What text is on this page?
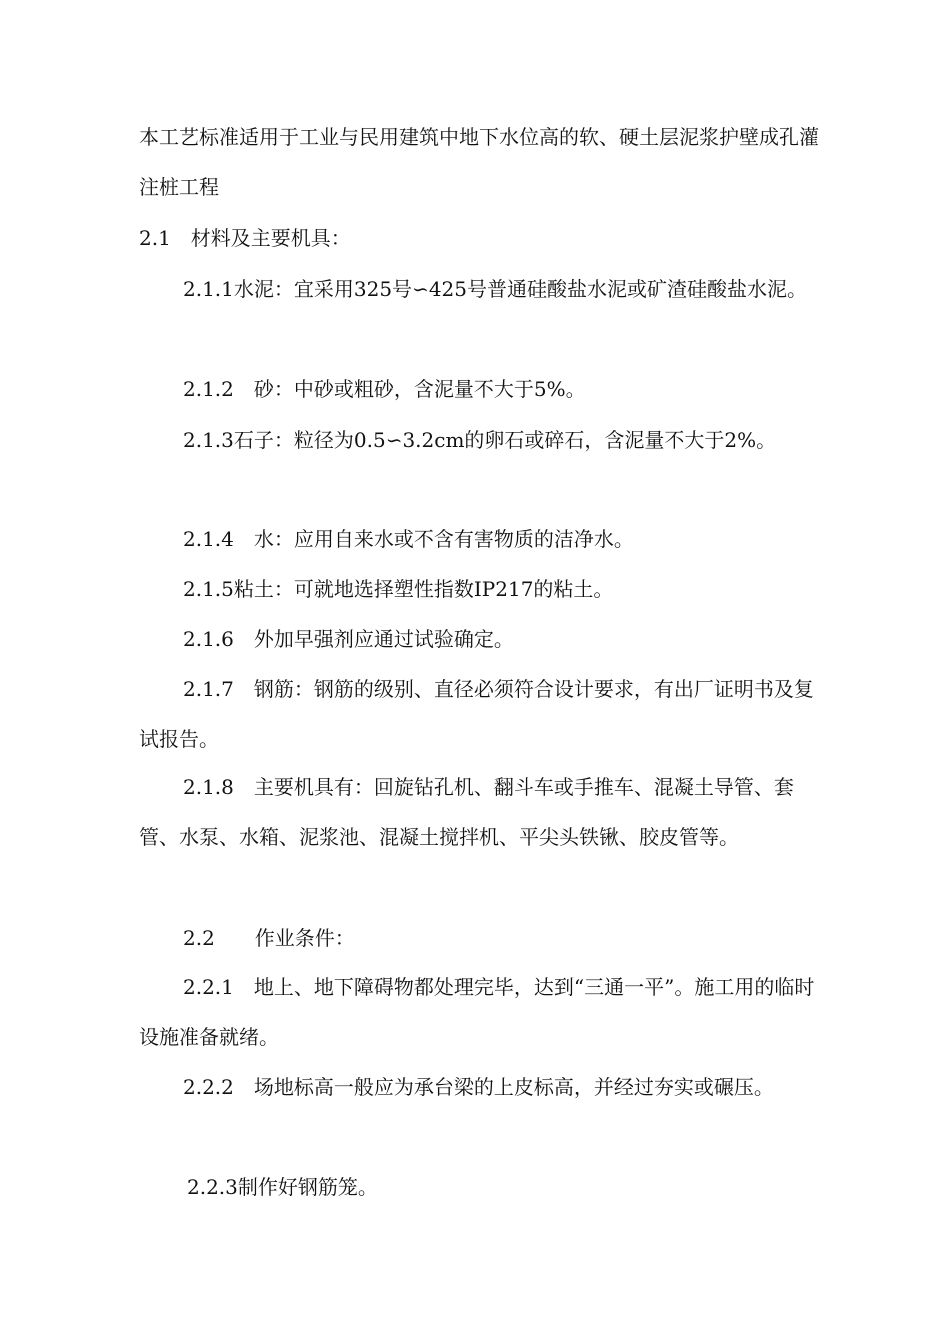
本工艺标准适用于工业与民用建筑中地下水位高的软、硬土层泥浆护壁成孔灌注桩工程

2.1　材料及主要机具：

2.1.1水泥：宜采用325号∽425号普通硅酸盐水泥或矿渣硅酸盐水泥。

2.1.2　砂：中砂或粗砂，含泥量不大于5%。

2.1.3石子：粒径为0.5∽3.2cm的卵石或碎石，含泥量不大于2%。

2.1.4　水：应用自来水或不含有害物质的洁净水。

2.1.5粘土：可就地选择塑性指数IP217的粘土。

2.1.6　外加早强剂应通过试验确定。

2.1.7　钢筋：钢筋的级别、直径必须符合设计要求，有出厂证明书及复试报告。

2.1.8　主要机具有：回旋钻孔机、翻斗车或手推车、混凝土导管、套管、水泵、水箱、泥浆池、混凝土搅拌机、平尖头铁锹、胶皮管等。

2.2　　作业条件：

2.2.1　地上、地下障碍物都处理完毕，达到“三通一平”。施工用的临时设施准备就绪。

2.2.2　场地标高一般应为承台梁的上皮标高，并经过夯实或碾压。

2.2.3制作好钢筋笼。
